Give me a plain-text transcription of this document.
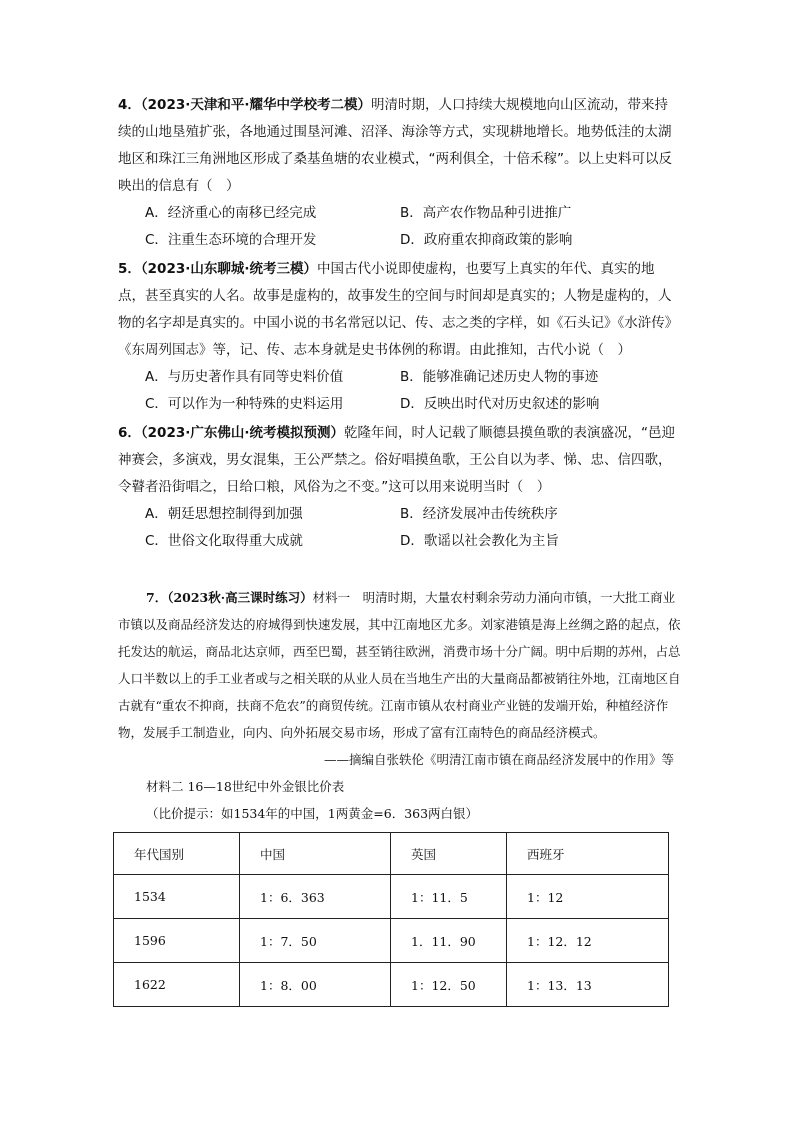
4．（2023·天津和平·耀华中学校考二模）明清时期，人口持续大规模地向山区流动，带来持续的山地垦殖扩张，各地通过围垦河滩、沼泽、海涂等方式，实现耕地增长。地势低洼的太湖地区和珠江三角洲地区形成了桑基鱼塘的农业模式，“两利俱全，十倍禾稼”。以上史料可以反映出的信息有（　）

A．经济重心的南移已经完成	B．高产农作物品种引进推广
C．注重生态环境的合理开发	D．政府重农抑商政策的影响

5．（2023·山东聊城·统考三模）中国古代小说即使虚构，也要写上真实的年代、真实的地点，甚至真实的人名。故事是虚构的，故事发生的空间与时间却是真实的；人物是虚构的，人物的名字却是真实的。中国小说的书名常冠以记、传、志之类的字样，如《石头记》《水浒传》《东周列国志》等，记、传、志本身就是史书体例的称谓。由此推知，古代小说（　）

A．与历史著作具有同等史料价值	B．能够准确记述历史人物的事迹
C．可以作为一种特殊的史料运用	D．反映出时代对历史叙述的影响

6．（2023·广东佛山·统考模拟预测）乾隆年间，时人记载了顺德县摸鱼歌的表演盛况，“邑迎神赛会，多演戏，男女混集，王公严禁之。俗好唱摸鱼歌，王公自以为孝、悌、忠、信四歌，令瞽者沿街唱之，日给口粮，风俗为之不变。”这可以用来说明当时（　）

A．朝廷思想控制得到加强	B．经济发展冲击传统秩序
C．世俗文化取得重大成就	D．歌谣以社会教化为主旨

7．（2023秋·高三课时练习）材料一　明清时期，大量农村剩余劳动力涌向市镇，一大批工商业市镇以及商品经济发达的府城得到快速发展，其中江南地区尤多。刘家港镇是海上丝绸之路的起点，依托发达的航运，商品北达京师，西至巴蜀，甚至销往欧洲，消费市场十分广阔。明中后期的苏州，占总人口半数以上的手工业者或与之相关联的从业人员在当地生产出的大量商品都被销往外地，江南地区自古就有“重农不抑商，扶商不危农”的商贸传统。江南市镇从农村商业产业链的发端开始，种植经济作物，发展手工制造业，向内、向外拓展交易市场，形成了富有江南特色的商品经济模式。

——摘编自张轶伦《明清江南市镇在商品经济发展中的作用》等

材料二 16—18世纪中外金银比价表

（比价提示：如1534年的中国，1两黄金=6．363两白银）

年代国别	中国	英国	西班牙
1534	1：6．363	1：11．5	1：12
1596	1：7．50	1．11．90	1：12．12
1622	1：8．00	1：12．50	1：13．13
